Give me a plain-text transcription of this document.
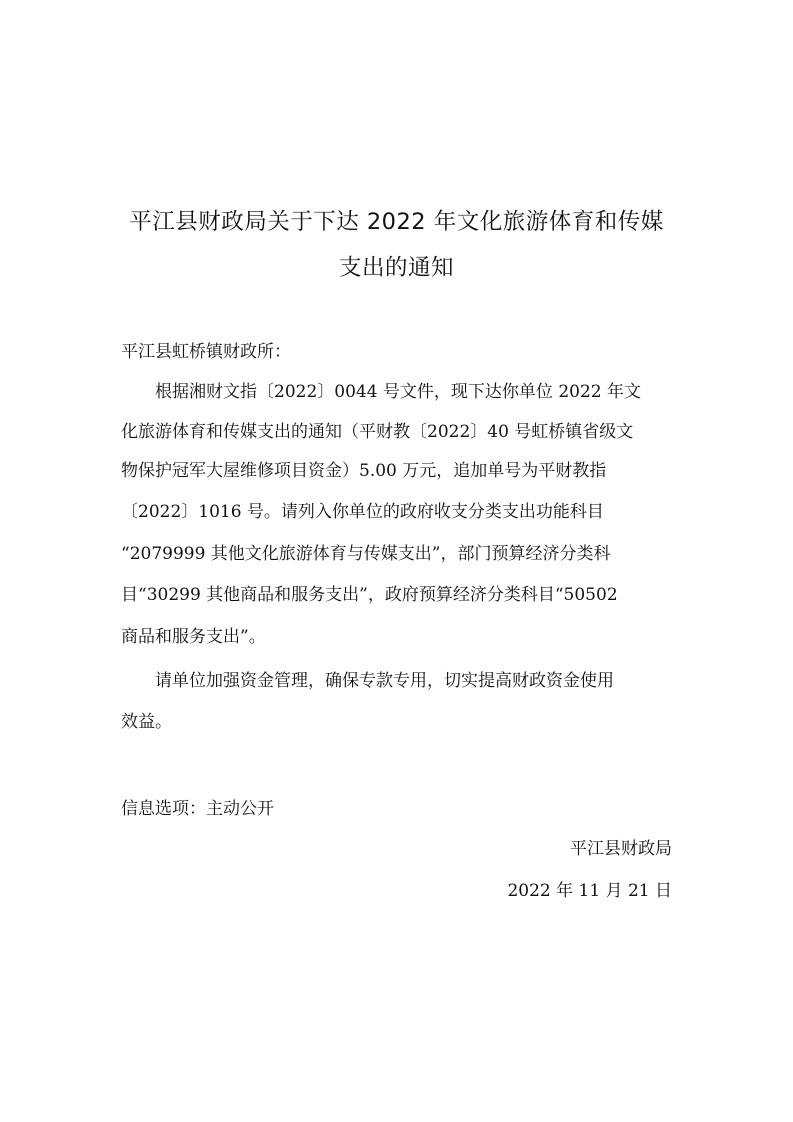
平江县财政局关于下达 2022 年文化旅游体育和传媒
支出的通知
平江县虹桥镇财政所：
根据湘财文指〔2022〕0044 号文件，现下达你单位 2022 年文
化旅游体育和传媒支出的通知（平财教〔2022〕40 号虹桥镇省级文
物保护冠军大屋维修项目资金）5.00 万元，追加单号为平财教指
〔2022〕1016 号。请列入你单位的政府收支分类支出功能科目
“2079999 其他文化旅游体育与传媒支出”，部门预算经济分类科
目“30299 其他商品和服务支出”，政府预算经济分类科目“50502
商品和服务支出”。
请单位加强资金管理，确保专款专用，切实提高财政资金使用
效益。
信息选项：主动公开
平江县财政局
2022 年 11 月 21 日
